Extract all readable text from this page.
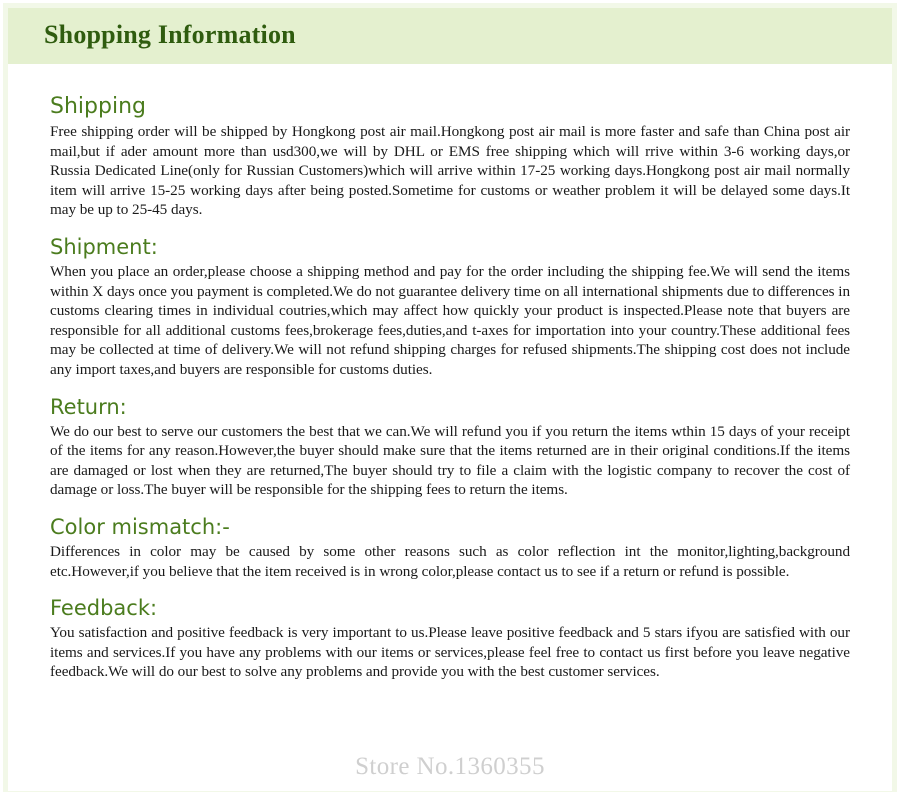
Shopping Information
Shipping

Free shipping order will be shipped by Hongkong post air mail.Hongkong post air mail is more faster and safe than China post air mail,but if ader amount more than usd300,we will by DHL or EMS free shipping which will rrive within 3-6 working days,or Russia Dedicated Line(only for Russian Customers)which will arrive within 17-25 working days.Hongkong post air mail normally item will arrive 15-25 working days after being posted.Sometime for customs or weather problem it will be delayed some days.It may be up to 25-45 days.

Shipment:

When you place an order,please choose a shipping method and pay for the order including the shipping fee.We will send the items within X days once you payment is completed.We do not guarantee delivery time on all international shipments due to differences in customs clearing times in individual coutries,which may affect how quickly your product is inspected.Please note that buyers are responsible for all additional customs fees,brokerage fees,duties,and t-axes for importation into your country.These additional fees may be collected at time of delivery.We will not refund shipping charges for refused shipments.The shipping cost does not include any import taxes,and buyers are responsible for customs duties.

Return:

We do our best to serve our customers the best that we can.We will refund you if you return the items wthin 15 days of your receipt of the items for any reason.However,the buyer should make sure that the items returned are in their original conditions.If the items are damaged or lost when they are returned,The buyer should try to file a claim with the logistic company to recover the cost of damage or loss.The buyer will be responsible for the shipping fees to return the items.

Color mismatch:-

Differences in color may be caused by some other reasons such as color reflection int the monitor,lighting,background etc.However,if you believe that the item received is in wrong color,please contact us to see if a return or refund is possible.

Feedback:

You satisfaction and positive feedback is very important to us.Please leave positive feedback and 5 stars ifyou are satisfied with our items and services.If you have any problems with our items or services,please feel free to contact us first before you leave negative feedback.We will do our best to solve any problems and provide you with the best customer services.

Store No.1360355
